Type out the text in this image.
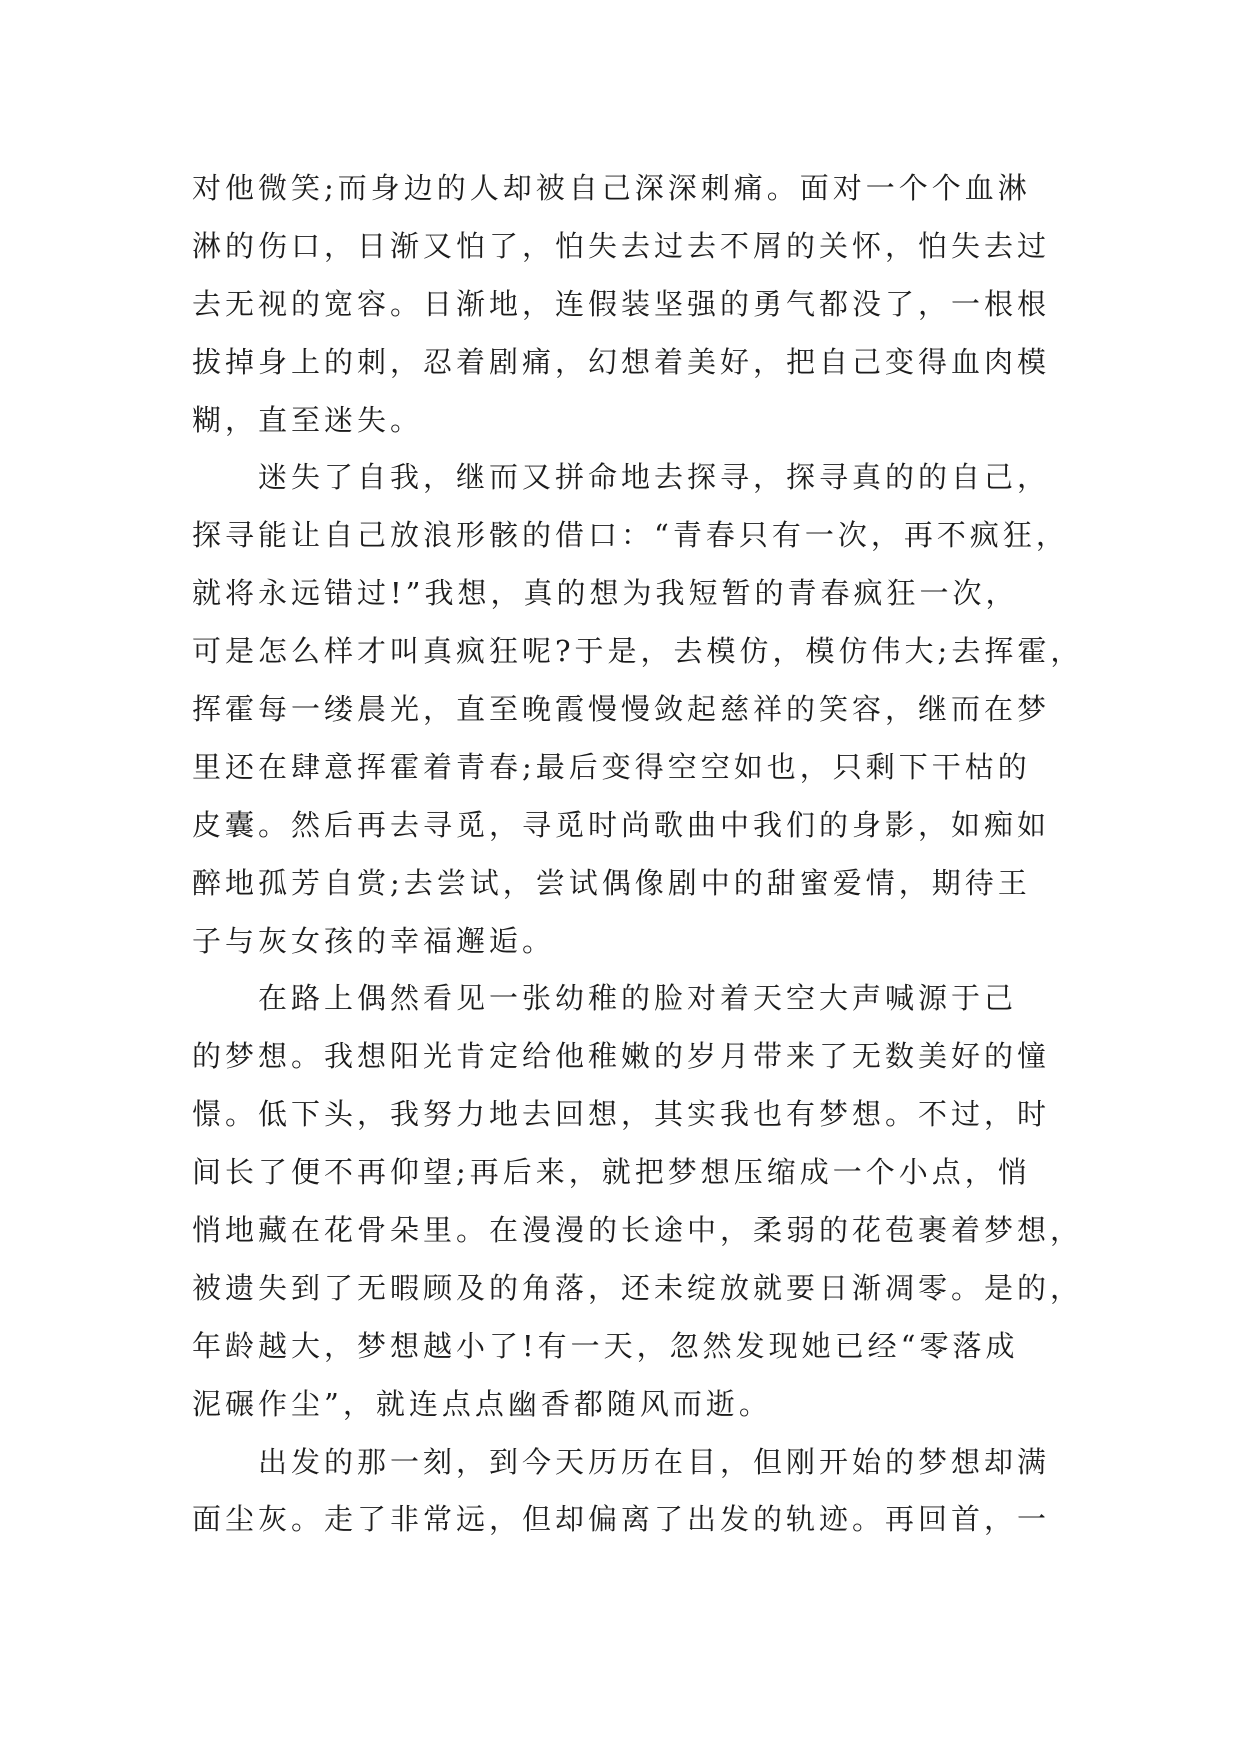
对他微笑;而身边的人却被自己深深刺痛。面对一个个血淋
淋的伤口，日渐又怕了，怕失去过去不屑的关怀，怕失去过
去无视的宽容。日渐地，连假装坚强的勇气都没了，一根根
拔掉身上的刺，忍着剧痛，幻想着美好，把自己变得血肉模
糊，直至迷失。
迷失了自我，继而又拼命地去探寻，探寻真的的自己，
探寻能让自己放浪形骸的借口：“青春只有一次，再不疯狂，
就将永远错过!”我想，真的想为我短暂的青春疯狂一次，
可是怎么样才叫真疯狂呢?于是，去模仿，模仿伟大;去挥霍，
挥霍每一缕晨光，直至晚霞慢慢敛起慈祥的笑容，继而在梦
里还在肆意挥霍着青春;最后变得空空如也，只剩下干枯的
皮囊。然后再去寻觅，寻觅时尚歌曲中我们的身影，如痴如
醉地孤芳自赏;去尝试，尝试偶像剧中的甜蜜爱情，期待王
子与灰女孩的幸福邂逅。
在路上偶然看见一张幼稚的脸对着天空大声喊源于己
的梦想。我想阳光肯定给他稚嫩的岁月带来了无数美好的憧
憬。低下头，我努力地去回想，其实我也有梦想。不过，时
间长了便不再仰望;再后来，就把梦想压缩成一个小点，悄
悄地藏在花骨朵里。在漫漫的长途中，柔弱的花苞裹着梦想，
被遗失到了无暇顾及的角落，还未绽放就要日渐凋零。是的，
年龄越大，梦想越小了!有一天，忽然发现她已经“零落成
泥碾作尘”，就连点点幽香都随风而逝。
出发的那一刻，到今天历历在目，但刚开始的梦想却满
面尘灰。走了非常远，但却偏离了出发的轨迹。再回首，一
